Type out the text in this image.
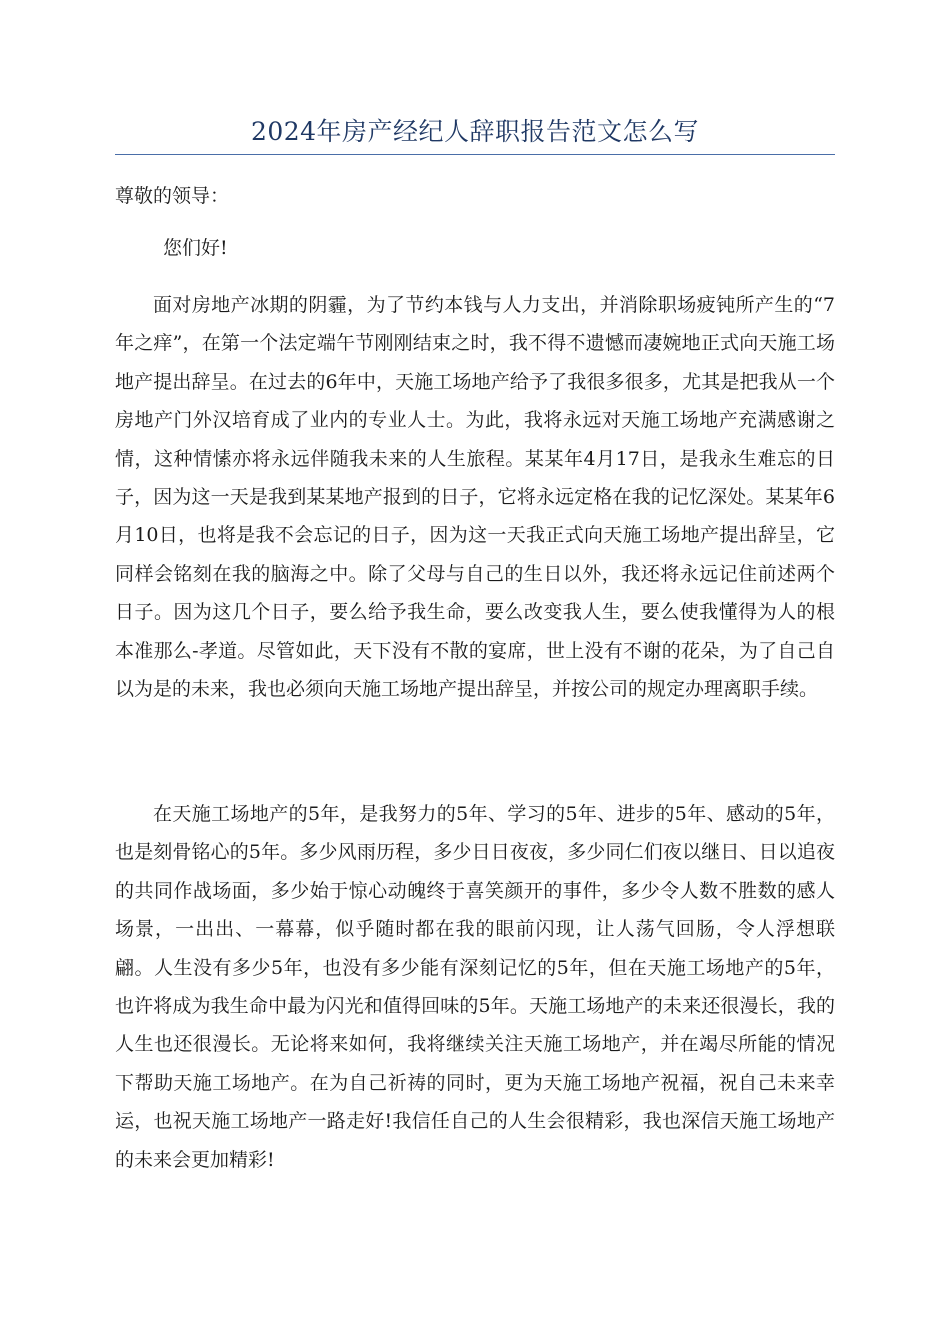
2024年房产经纪人辞职报告范文怎么写
尊敬的领导：
您们好!

面对房地产冰期的阴霾，为了节约本钱与人力支出，并消除职场疲钝所产生的“7年之痒”，在第一个法定端午节刚刚结束之时，我不得不遗憾而凄婉地正式向天施工场地产提出辞呈。在过去的6年中，天施工场地产给予了我很多很多，尤其是把我从一个房地产门外汉培育成了业内的专业人士。为此，我将永远对天施工场地产充满感谢之情，这种情愫亦将永远伴随我未来的人生旅程。某某年4月17日，是我永生难忘的日子，因为这一天是我到某某地产报到的日子，它将永远定格在我的记忆深处。某某年6月10日，也将是我不会忘记的日子，因为这一天我正式向天施工场地产提出辞呈，它同样会铭刻在我的脑海之中。除了父母与自己的生日以外，我还将永远记住前述两个日子。因为这几个日子，要么给予我生命，要么改变我人生，要么使我懂得为人的根本准那么-孝道。尽管如此，天下没有不散的宴席，世上没有不谢的花朵，为了自己自以为是的未来，我也必须向天施工场地产提出辞呈，并按公司的规定办理离职手续。

在天施工场地产的5年，是我努力的5年、学习的5年、进步的5年、感动的5年，也是刻骨铭心的5年。多少风雨历程，多少日日夜夜，多少同仁们夜以继日、日以追夜的共同作战场面，多少始于惊心动魄终于喜笑颜开的事件，多少令人数不胜数的感人场景，一出出、一幕幕，似乎随时都在我的眼前闪现，让人荡气回肠，令人浮想联翩。人生没有多少5年，也没有多少能有深刻记忆的5年，但在天施工场地产的5年，也许将成为我生命中最为闪光和值得回味的5年。天施工场地产的未来还很漫长，我的人生也还很漫长。无论将来如何，我将继续关注天施工场地产，并在竭尽所能的情况下帮助天施工场地产。在为自己祈祷的同时，更为天施工场地产祝福，祝自己未来幸运，也祝天施工场地产一路走好!我信任自己的人生会很精彩，我也深信天施工场地产的未来会更加精彩!
